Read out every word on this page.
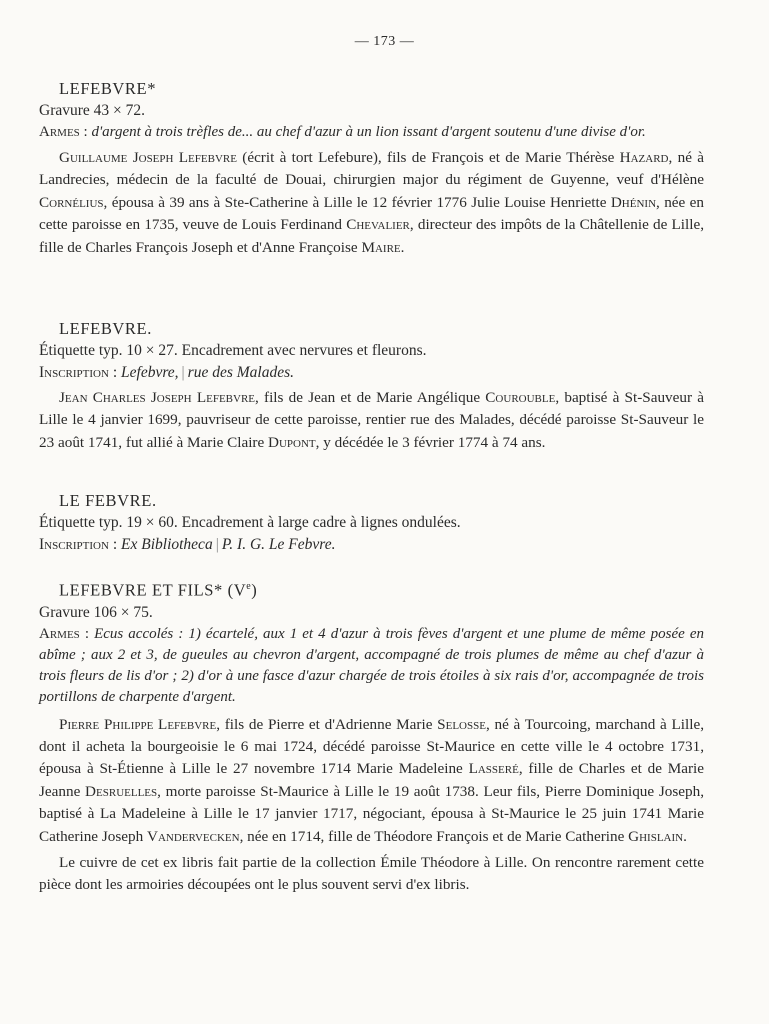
— 173 —

LEFEBVRE*

Gravure 43 × 72.

Armes : d'argent à trois trèfles de... au chef d'azur à un lion issant d'argent soutenu d'une divise d'or.

Guillaume Joseph Lefebvre (écrit à tort Lefebure), fils de François et de Marie Thérèse Hazard, né à Landrecies, médecin de la faculté de Douai, chirurgien major du régiment de Guyenne, veuf d'Hélène Cornélius, épousa à 39 ans à Ste-Catherine à Lille le 12 février 1776 Julie Louise Henriette Dhénin, née en cette paroisse en 1735, veuve de Louis Ferdinand Chevalier, directeur des impôts de la Châtellenie de Lille, fille de Charles François Joseph et d'Anne Françoise Maire.

LEFEBVRE.

Étiquette typ. 10 × 27. Encadrement avec nervures et fleurons.

Inscription : Lefebvre, | rue des Malades.

Jean Charles Joseph Lefebvre, fils de Jean et de Marie Angélique Courouble, baptisé à St-Sauveur à Lille le 4 janvier 1699, pauvriseur de cette paroisse, rentier rue des Malades, décédé paroisse St-Sauveur le 23 août 1741, fut allié à Marie Claire Dupont, y décédée le 3 février 1774 à 74 ans.

LE FEBVRE.

Étiquette typ. 19 × 60. Encadrement à large cadre à lignes ondulées.

Inscription : Ex Bibliotheca | P. I. G. Le Febvre.

LEFEBVRE ET FILS* (Ve)

Gravure 106 × 75.

Armes : Ecus accolés : 1) écartelé, aux 1 et 4 d'azur à trois fèves d'argent et une plume de même posée en abîme ; aux 2 et 3, de gueules au chevron d'argent, accompagné de trois plumes de même au chef d'azur à trois fleurs de lis d'or ; 2) d'or à une fasce d'azur chargée de trois étoiles à six rais d'or, accompagnée de trois portillons de charpente d'argent.

Pierre Philippe Lefebvre, fils de Pierre et d'Adrienne Marie Selosse, né à Tourcoing, marchand à Lille, dont il acheta la bourgeoisie le 6 mai 1724, décédé paroisse St-Maurice en cette ville le 4 octobre 1731, épousa à St-Étienne à Lille le 27 novembre 1714 Marie Madeleine Lasseré, fille de Charles et de Marie Jeanne Desruelles, morte paroisse St-Maurice à Lille le 19 août 1738. Leur fils, Pierre Dominique Joseph, baptisé à La Madeleine à Lille le 17 janvier 1717, négociant, épousa à St-Maurice le 25 juin 1741 Marie Catherine Joseph Vandervecken, née en 1714, fille de Théodore François et de Marie Catherine Ghislain.

Le cuivre de cet ex libris fait partie de la collection Émile Théodore à Lille. On rencontre rarement cette pièce dont les armoiries découpées ont le plus souvent servi d'ex libris.
